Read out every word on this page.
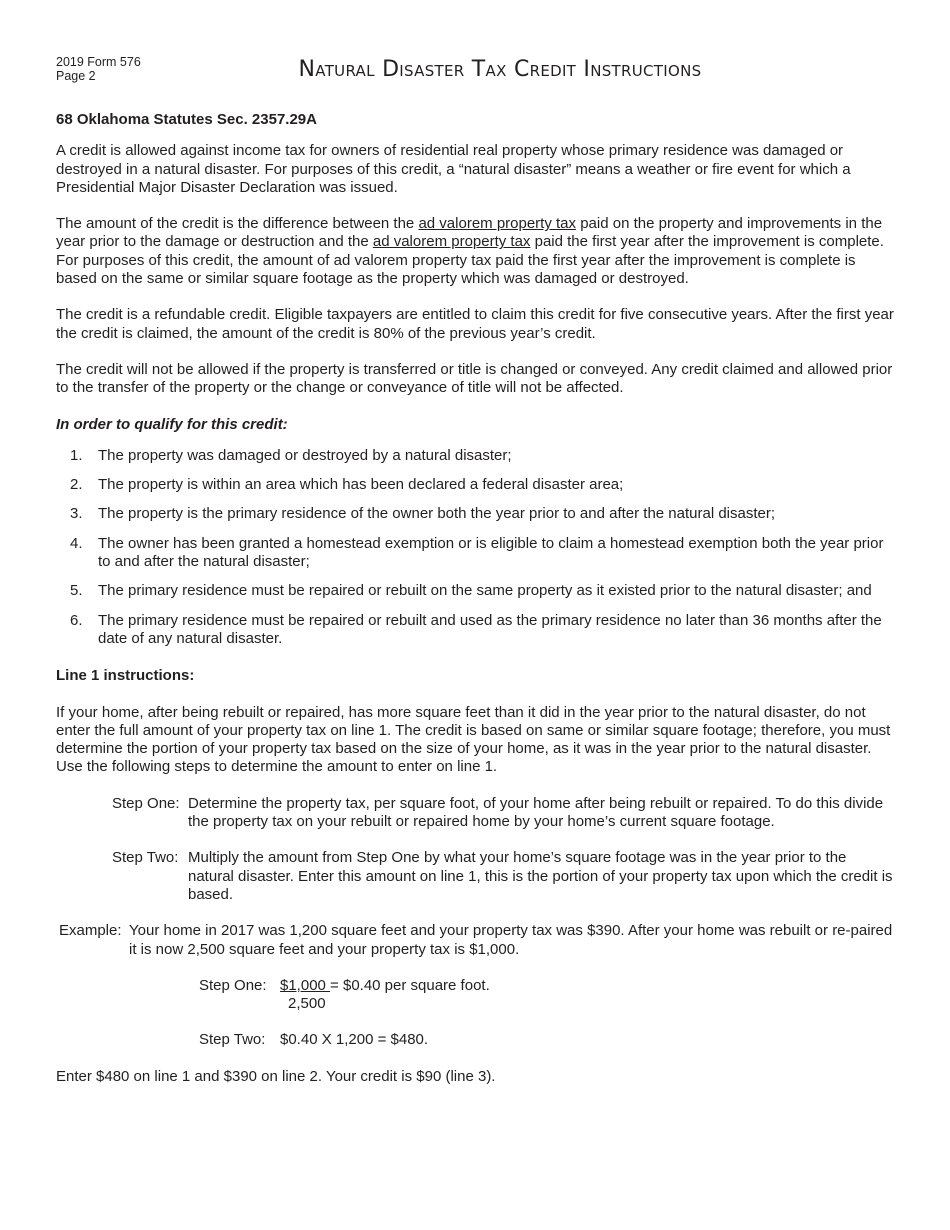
2019 Form 576
Page 2	Natural Disaster Tax Credit Instructions

68 Oklahoma Statutes Sec. 2357.29A

A credit is allowed against income tax for owners of residential real property whose primary residence was damaged or destroyed in a natural disaster. For purposes of this credit, a “natural disaster” means a weather or fire event for which a Presidential Major Disaster Declaration was issued.

The amount of the credit is the difference between the ad valorem property tax paid on the property and improvements in the year prior to the damage or destruction and the ad valorem property tax paid the first year after the improvement is complete. For purposes of this credit, the amount of ad valorem property tax paid the first year after the improvement is complete is based on the same or similar square footage as the property which was damaged or destroyed.

The credit is a refundable credit. Eligible taxpayers are entitled to claim this credit for five consecutive years. After the first year the credit is claimed, the amount of the credit is 80% of the previous year’s credit.

The credit will not be allowed if the property is transferred or title is changed or conveyed. Any credit claimed and allowed prior to the transfer of the property or the change or conveyance of title will not be affected.

In order to qualify for this credit:

1.	The property was damaged or destroyed by a natural disaster;
2.	The property is within an area which has been declared a federal disaster area;
3.	The property is the primary residence of the owner both the year prior to and after the natural disaster;
4.	The owner has been granted a homestead exemption or is eligible to claim a homestead exemption both the year prior to and after the natural disaster;
5.	The primary residence must be repaired or rebuilt on the same property as it existed prior to the natural disaster; and
6.	The primary residence must be repaired or rebuilt and used as the primary residence no later than 36 months after the date of any natural disaster.

Line 1 instructions:

If your home, after being rebuilt or repaired, has more square feet than it did in the year prior to the natural disaster, do not enter the full amount of your property tax on line 1. The credit is based on same or similar square footage; therefore, you must determine the portion of your property tax based on the size of your home, as it was in the year prior to the natural disaster. Use the following steps to determine the amount to enter on line 1.

Step One: Determine the property tax, per square foot, of your home after being rebuilt or repaired. To do this divide the property tax on your rebuilt or repaired home by your home’s current square footage.
Step Two: Multiply the amount from Step One by what your home’s square footage was in the year prior to the natural disaster. Enter this amount on line 1, this is the portion of your property tax upon which the credit is based.
Example: Your home in 2017 was 1,200 square feet and your property tax was $390. After your home was rebuilt or re-paired it is now 2,500 square feet and your property tax is $1,000.
Step One: $1,000 = $0.40 per square foot.
2,500
Step Two: $0.40 X 1,200 = $480.

Enter $480 on line 1 and $390 on line 2. Your credit is $90 (line 3).
